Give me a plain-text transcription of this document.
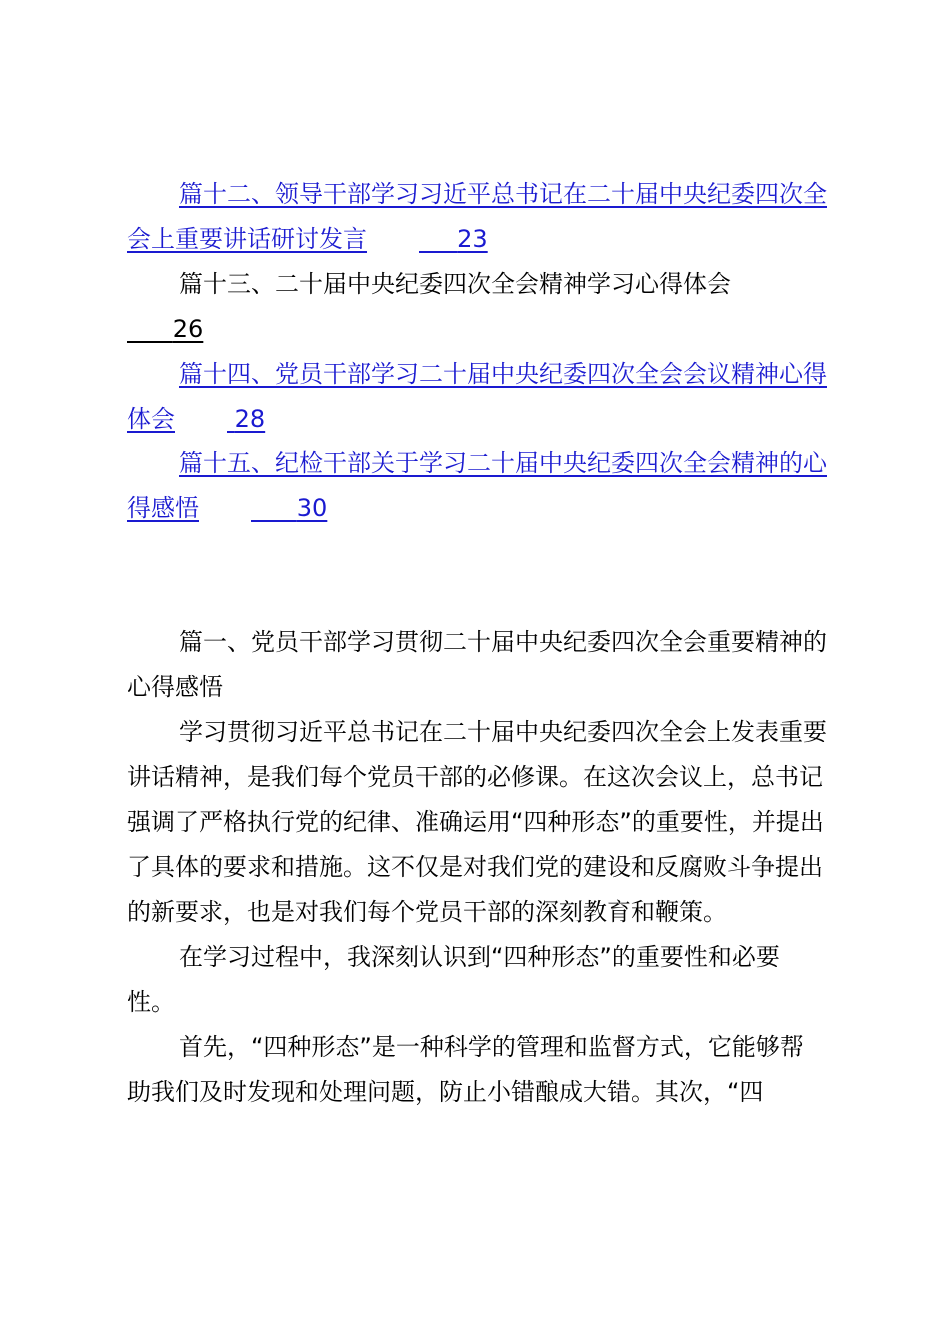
篇十二、领导干部学习习近平总书记在二十届中央纪委四次全会上重要讲话研讨发言	23

篇十三、二十届中央纪委四次全会精神学习心得体会
26

篇十四、党员干部学习二十届中央纪委四次全会会议精神心得体会 28

篇十五、纪检干部关于学习二十届中央纪委四次全会精神的心得感悟	30

篇一、党员干部学习贯彻二十届中央纪委四次全会重要精神的心得感悟

学习贯彻习近平总书记在二十届中央纪委四次全会上发表重要讲话精神，是我们每个党员干部的必修课。在这次会议上，总书记强调了严格执行党的纪律、准确运用“四种形态”的重要性，并提出了具体的要求和措施。这不仅是对我们党的建设和反腐败斗争提出的新要求，也是对我们每个党员干部的深刻教育和鞭策。

在学习过程中，我深刻认识到“四种形态”的重要性和必要性。

首先，“四种形态”是一种科学的管理和监督方式，它能够帮助我们及时发现和处理问题，防止小错酿成大错。其次，“四
